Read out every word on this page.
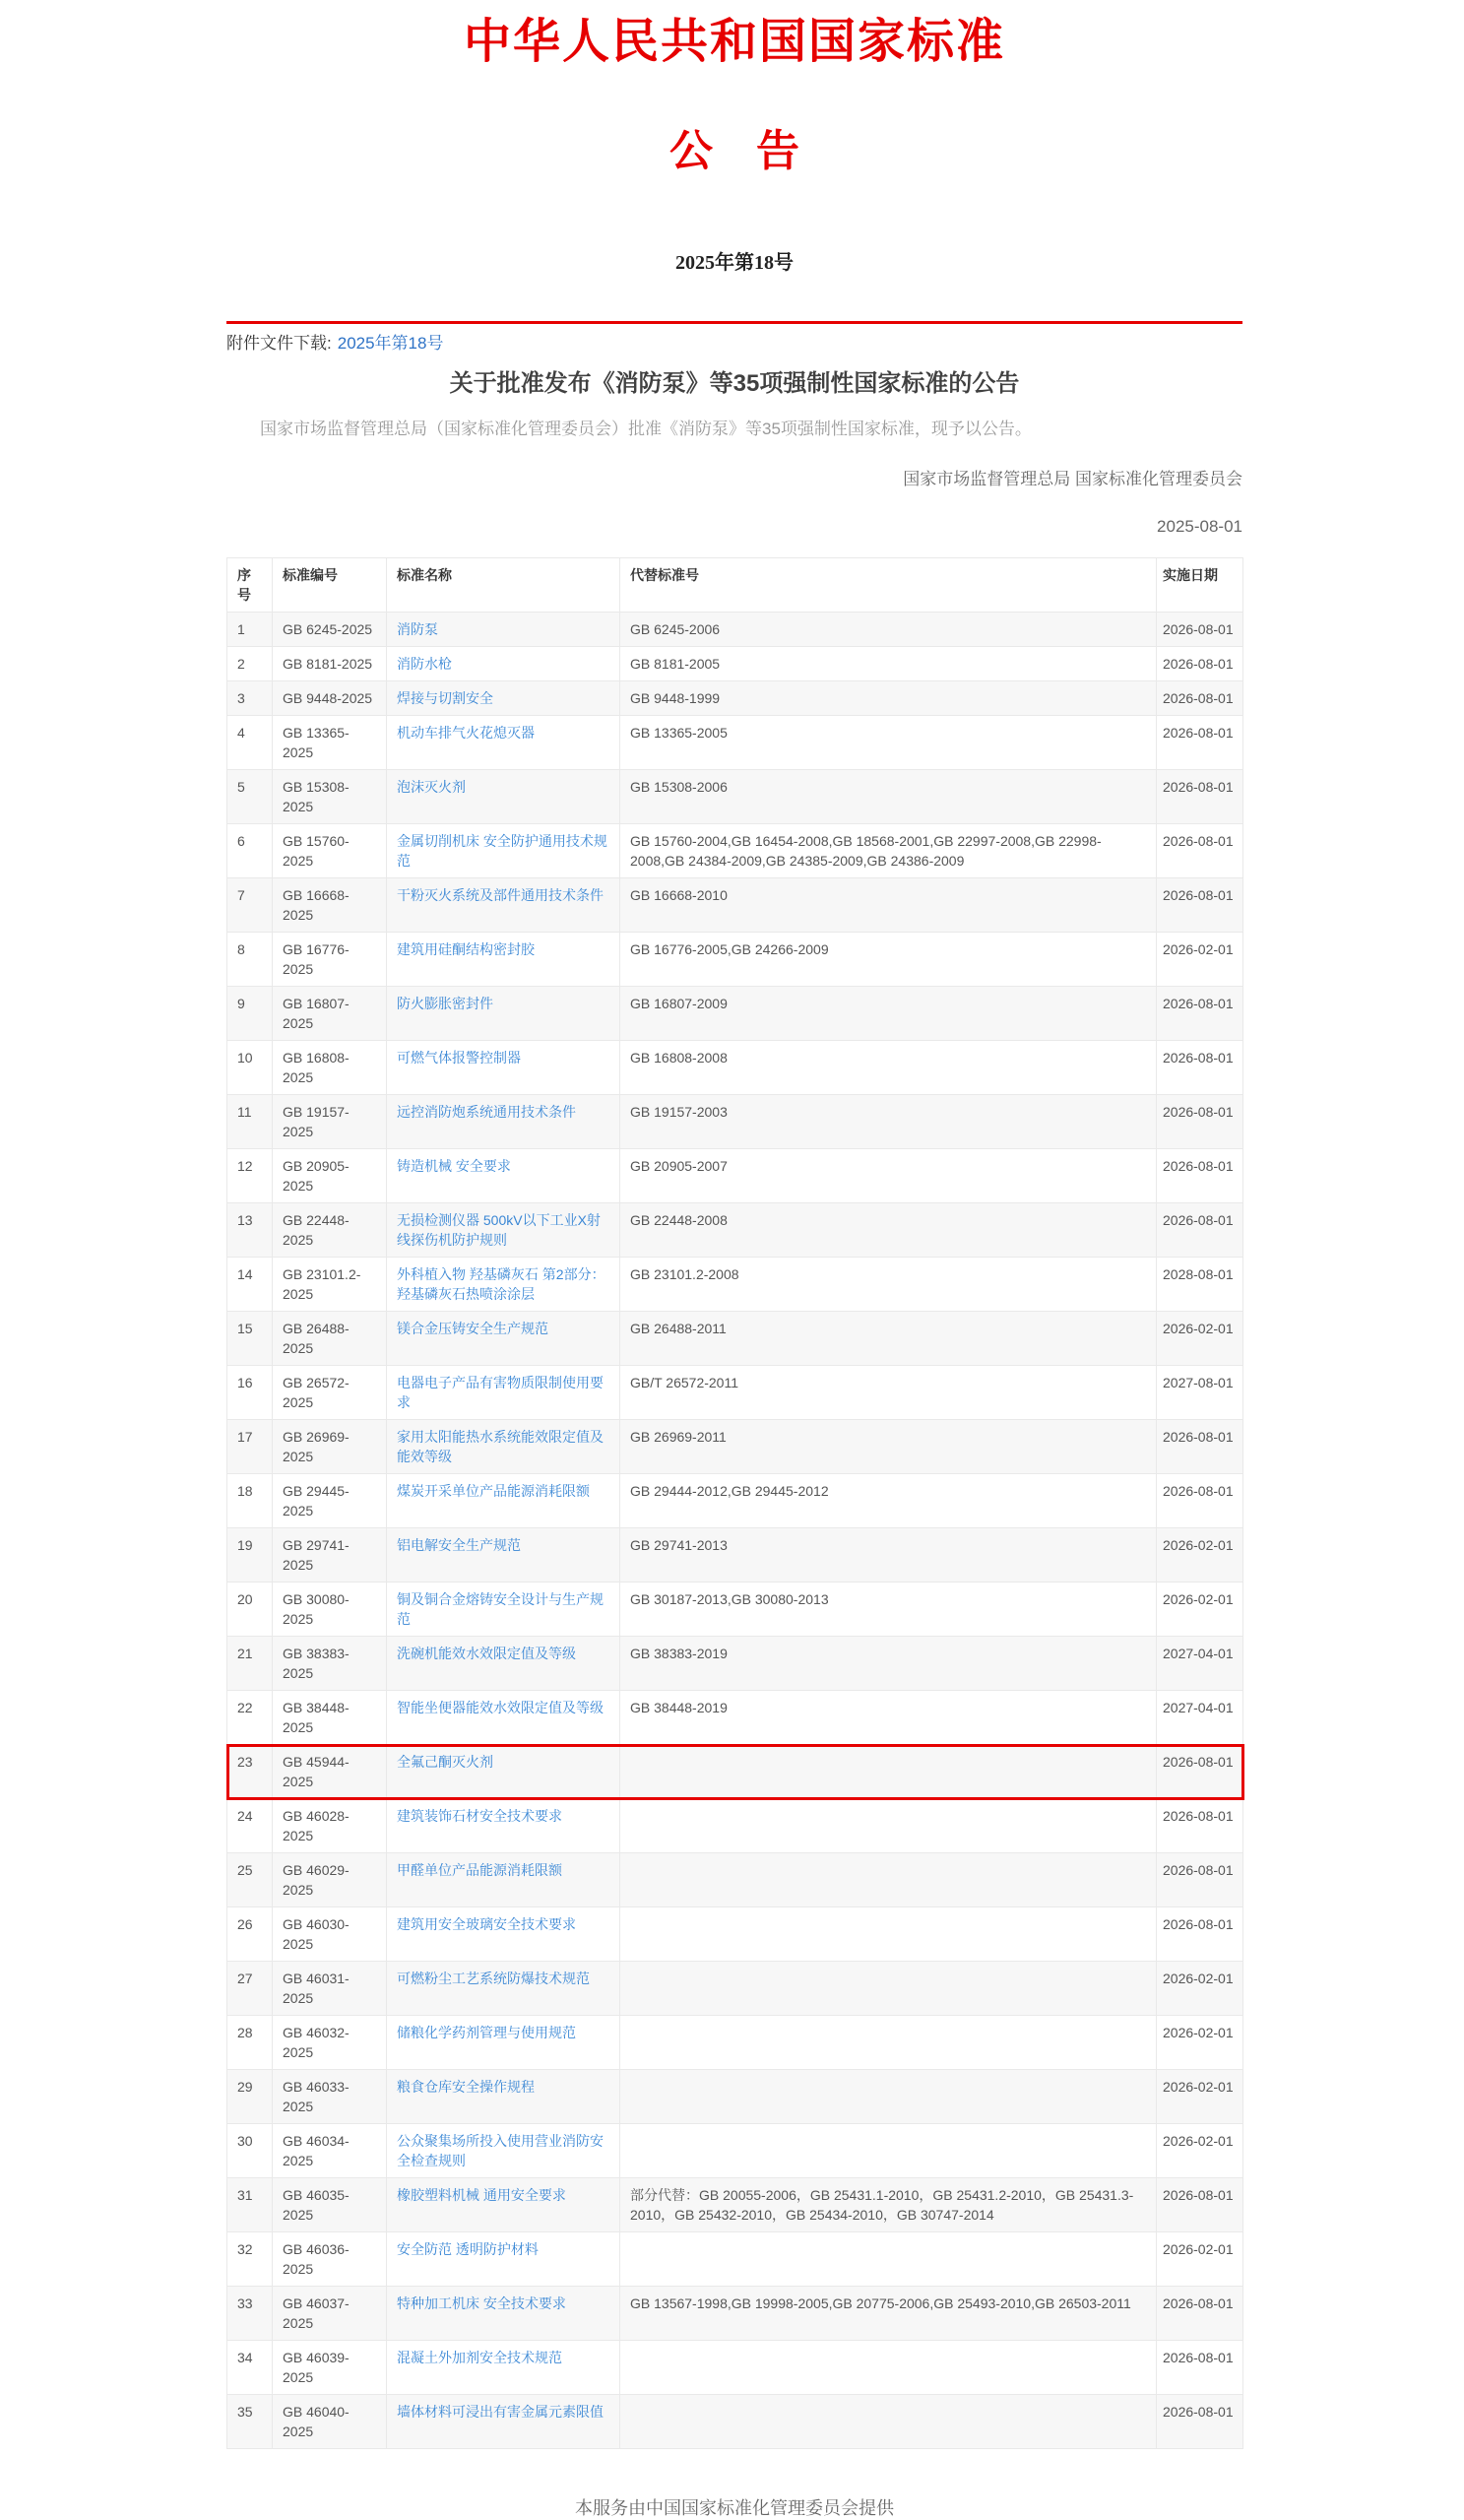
中华人民共和国国家标准
公　告
2025年第18号
附件文件下载: 2025年第18号
关于批准发布《消防泵》等35项强制性国家标准的公告
国家市场监督管理总局（国家标准化管理委员会）批准《消防泵》等35项强制性国家标准，现予以公告。
国家市场监督管理总局 国家标准化管理委员会
2025-08-01
序号	标准编号	标准名称	代替标准号	实施日期
1	GB 6245-2025	消防泵	GB 6245-2006	2026-08-01
2	GB 8181-2025	消防水枪	GB 8181-2005	2026-08-01
3	GB 9448-2025	焊接与切割安全	GB 9448-1999	2026-08-01
4	GB 13365-2025	机动车排气火花熄灭器	GB 13365-2005	2026-08-01
5	GB 15308-2025	泡沫灭火剂	GB 15308-2006	2026-08-01
6	GB 15760-2025	金属切削机床 安全防护通用技术规范	GB 15760-2004,GB 16454-2008,GB 18568-2001,GB 22997-2008,GB 22998-2008,GB 24384-2009,GB 24385-2009,GB 24386-2009	2026-08-01
7	GB 16668-2025	干粉灭火系统及部件通用技术条件	GB 16668-2010	2026-08-01
8	GB 16776-2025	建筑用硅酮结构密封胶	GB 16776-2005,GB 24266-2009	2026-02-01
9	GB 16807-2025	防火膨胀密封件	GB 16807-2009	2026-08-01
10	GB 16808-2025	可燃气体报警控制器	GB 16808-2008	2026-08-01
11	GB 19157-2025	远控消防炮系统通用技术条件	GB 19157-2003	2026-08-01
12	GB 20905-2025	铸造机械 安全要求	GB 20905-2007	2026-08-01
13	GB 22448-2025	无损检测仪器 500kV以下工业X射线探伤机防护规则	GB 22448-2008	2026-08-01
14	GB 23101.2-2025	外科植入物 羟基磷灰石 第2部分：羟基磷灰石热喷涂涂层	GB 23101.2-2008	2028-08-01
15	GB 26488-2025	镁合金压铸安全生产规范	GB 26488-2011	2026-02-01
16	GB 26572-2025	电器电子产品有害物质限制使用要求	GB/T 26572-2011	2027-08-01
17	GB 26969-2025	家用太阳能热水系统能效限定值及能效等级	GB 26969-2011	2026-08-01
18	GB 29445-2025	煤炭开采单位产品能源消耗限额	GB 29444-2012,GB 29445-2012	2026-08-01
19	GB 29741-2025	铝电解安全生产规范	GB 29741-2013	2026-02-01
20	GB 30080-2025	铜及铜合金熔铸安全设计与生产规范	GB 30187-2013,GB 30080-2013	2026-02-01
21	GB 38383-2025	洗碗机能效水效限定值及等级	GB 38383-2019	2027-04-01
22	GB 38448-2025	智能坐便器能效水效限定值及等级	GB 38448-2019	2027-04-01
23	GB 45944-2025	全氟己酮灭火剂		2026-08-01
24	GB 46028-2025	建筑装饰石材安全技术要求		2026-08-01
25	GB 46029-2025	甲醛单位产品能源消耗限额		2026-08-01
26	GB 46030-2025	建筑用安全玻璃安全技术要求		2026-08-01
27	GB 46031-2025	可燃粉尘工艺系统防爆技术规范		2026-02-01
28	GB 46032-2025	储粮化学药剂管理与使用规范		2026-02-01
29	GB 46033-2025	粮食仓库安全操作规程		2026-02-01
30	GB 46034-2025	公众聚集场所投入使用营业消防安全检查规则		2026-02-01
31	GB 46035-2025	橡胶塑料机械 通用安全要求	部分代替：GB 20055-2006，GB 25431.1-2010，GB 25431.2-2010，GB 25431.3-2010，GB 25432-2010，GB 25434-2010，GB 30747-2014	2026-08-01
32	GB 46036-2025	安全防范 透明防护材料		2026-02-01
33	GB 46037-2025	特种加工机床 安全技术要求	GB 13567-1998,GB 19998-2005,GB 20775-2006,GB 25493-2010,GB 26503-2011	2026-08-01
34	GB 46039-2025	混凝土外加剂安全技术规范		2026-08-01
35	GB 46040-2025	墙体材料可浸出有害金属元素限值		2026-08-01
本服务由中国国家标准化管理委员会提供
